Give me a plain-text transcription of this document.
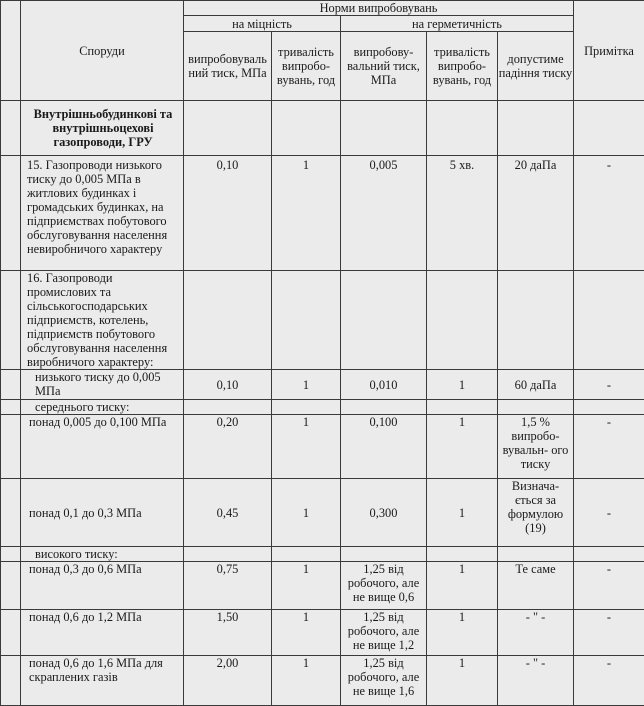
	Споруди	Норми випробовувань					Примітка
		на міцність		на герметичність			
		випробовуваль ний тиск, МПа	тривалість випробо- вувань, год	випробову- вальний тиск, МПа	тривалість випробо- вувань, год	допустиме падіння тиску	

	Внутрішньобудинкові та внутрішньоцехові газопроводи, ГРУ						

	15. Газопроводи низького тиску до 0,005 МПа в житлових будинках і громадських будинках, на підприємствах побутового обслуговування населення невиробничого характеру	0,10	1	0,005	5 хв.	20 даПа	-
	16. Газопроводи промислових та сільськогосподарських підприємств, котелень, підприємств побутового обслуговування населення виробничого характеру:						
	низького тиску до 0,005 МПа	0,10	1	0,010	1	60 даПа	-
	середнього тиску:						
	понад 0,005 до 0,100 МПа	0,20	1	0,100	1	1,5 % випробо- вувальн- ого тиску	-
	понад 0,1 до 0,3 МПа	0,45	1	0,300	1	Визнача- ється за формулою (19)	-
	високого тиску:						
	понад 0,3 до 0,6 МПа	0,75	1	1,25 від робочого, але не вище 0,6	1	Те саме	-
	понад 0,6 до 1,2 МПа	1,50	1	1,25 від робочого, але не вище 1,2	1	- " -	-
	понад 0,6 до 1,6 МПа для скраплених газів	2,00	1	1,25 від робочого, але не вище 1,6	1	- " -	-
